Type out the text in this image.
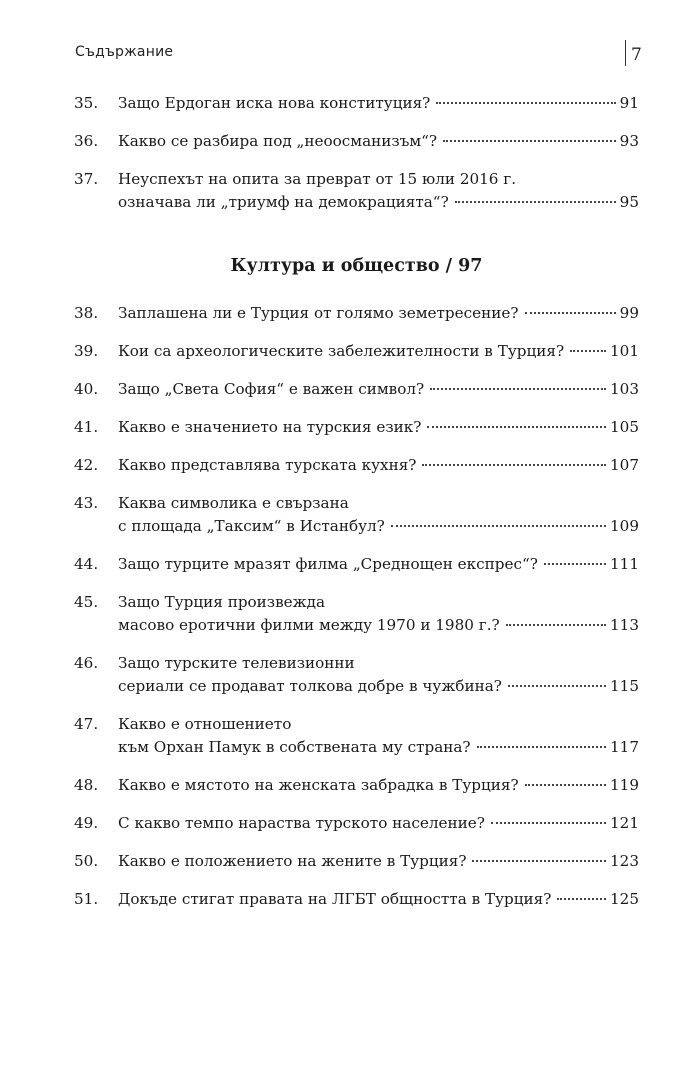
Съдържание	7
35.	Защо Ердоган иска нова конституция?	91
36.	Какво се разбира под „неоосманизъм“?	93
37.	Неуспехът на опита за преврат от 15 юли 2016 г.
означава ли „триумф на демокрацията“?	95
Култура и общество / 97
38.	Заплашена ли е Турция от голямо земетресение?	99
39.	Кои са археологическите забележителности в Турция?	101
40.	Защо „Света София“ е важен символ?	103
41.	Какво е значението на турския език?	105
42.	Какво представлява турската кухня?	107
43.	Каква символика е свързана
с площада „Таксим“ в Истанбул?	109
44.	Защо турците мразят филма „Среднощен експрес“?	111
45.	Защо Турция произвежда
масово еротични филми между 1970 и 1980 г.?	113
46.	Защо турските телевизионни
сериали се продават толкова добре в чужбина?	115
47.	Какво е отношението
към Орхан Памук в собствената му страна?	117
48.	Какво е мястото на женската забрадка в Турция?	119
49.	С какво темпо нараства турското население?	121
50.	Какво е положението на жените в Турция?	123
51.	Докъде стигат правата на ЛГБТ общността в Турция?	125
